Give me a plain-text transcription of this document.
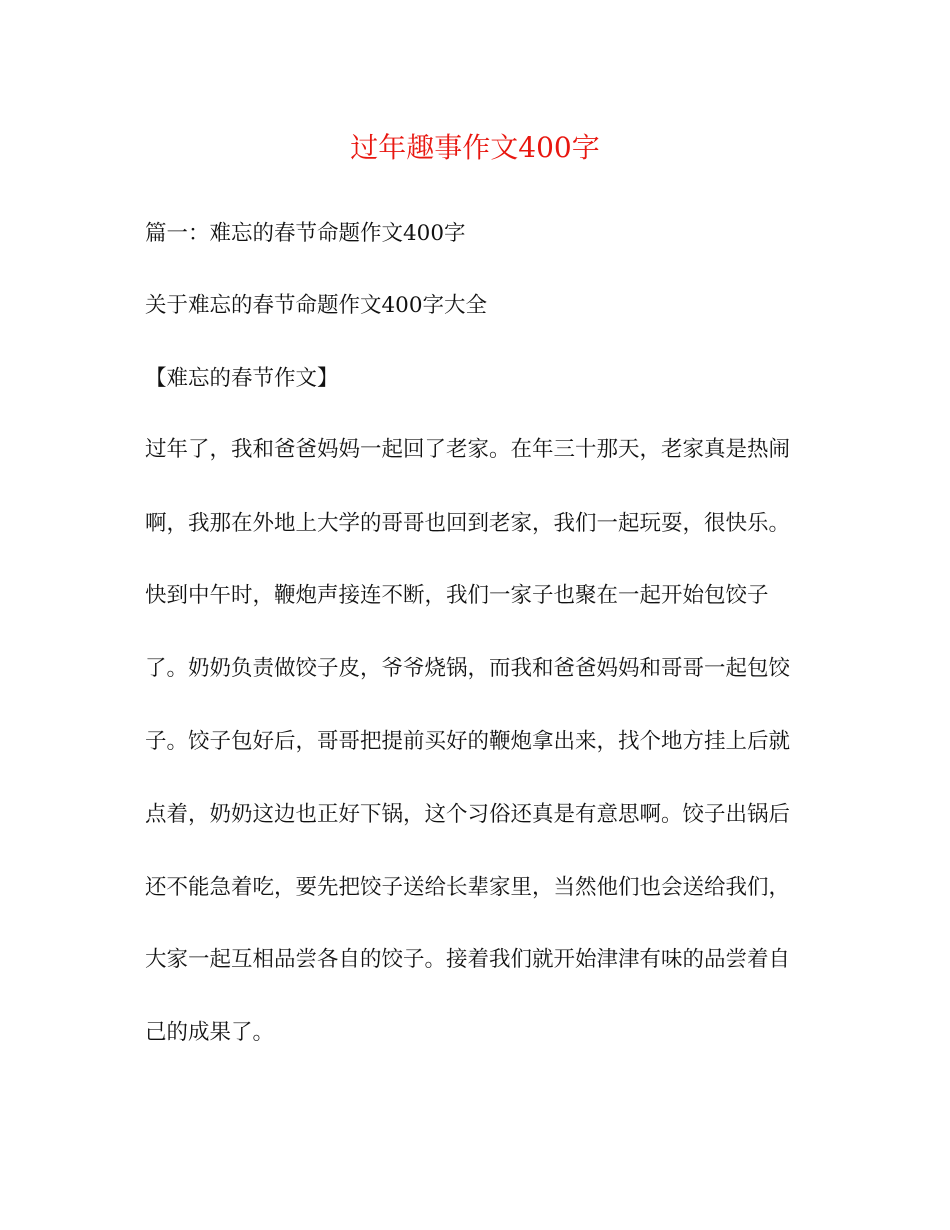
过年趣事作文400字
篇一：难忘的春节命题作文400字
关于难忘的春节命题作文400字大全
【难忘的春节作文】
过年了，我和爸爸妈妈一起回了老家。在年三十那天，老家真是热闹
啊，我那在外地上大学的哥哥也回到老家，我们一起玩耍，很快乐。
快到中午时，鞭炮声接连不断，我们一家子也聚在一起开始包饺子
了。奶奶负责做饺子皮，爷爷烧锅，而我和爸爸妈妈和哥哥一起包饺
子。饺子包好后，哥哥把提前买好的鞭炮拿出来，找个地方挂上后就
点着，奶奶这边也正好下锅，这个习俗还真是有意思啊。饺子出锅后
还不能急着吃，要先把饺子送给长辈家里，当然他们也会送给我们，
大家一起互相品尝各自的饺子。接着我们就开始津津有味的品尝着自
己的成果了。
